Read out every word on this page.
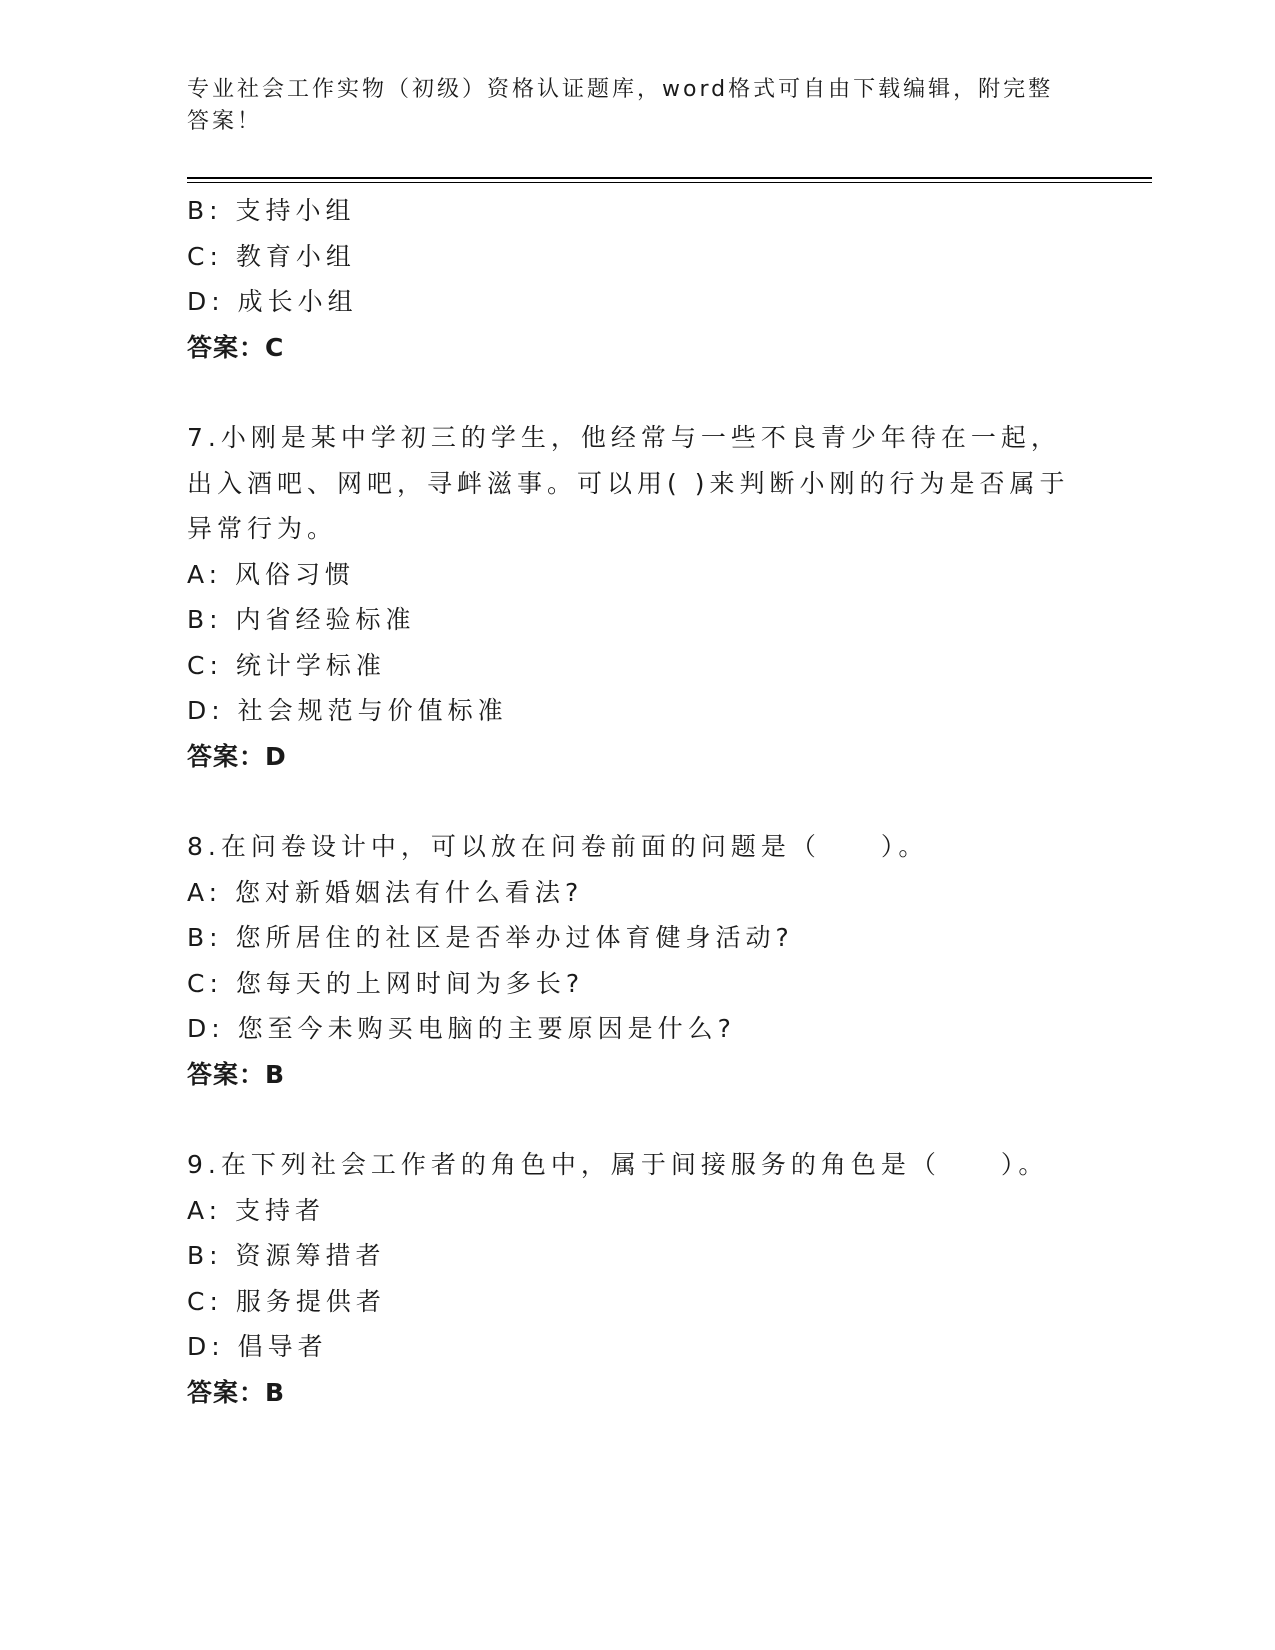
专业社会工作实物（初级）资格认证题库，word格式可自由下载编辑，附完整答案！
B: 支持小组
C: 教育小组
D: 成长小组
答案：C
7.小刚是某中学初三的学生，他经常与一些不良青少年待在一起，出入酒吧、网吧，寻衅滋事。可以用( )来判断小刚的行为是否属于异常行为。
A: 风俗习惯
B: 内省经验标准
C: 统计学标准
D: 社会规范与价值标准
答案：D
8.在问卷设计中，可以放在问卷前面的问题是（　　）。
A: 您对新婚姻法有什么看法?
B: 您所居住的社区是否举办过体育健身活动?
C: 您每天的上网时间为多长?
D: 您至今未购买电脑的主要原因是什么?
答案：B
9.在下列社会工作者的角色中，属于间接服务的角色是（　　）。
A: 支持者
B: 资源筹措者
C: 服务提供者
D: 倡导者
答案：B
